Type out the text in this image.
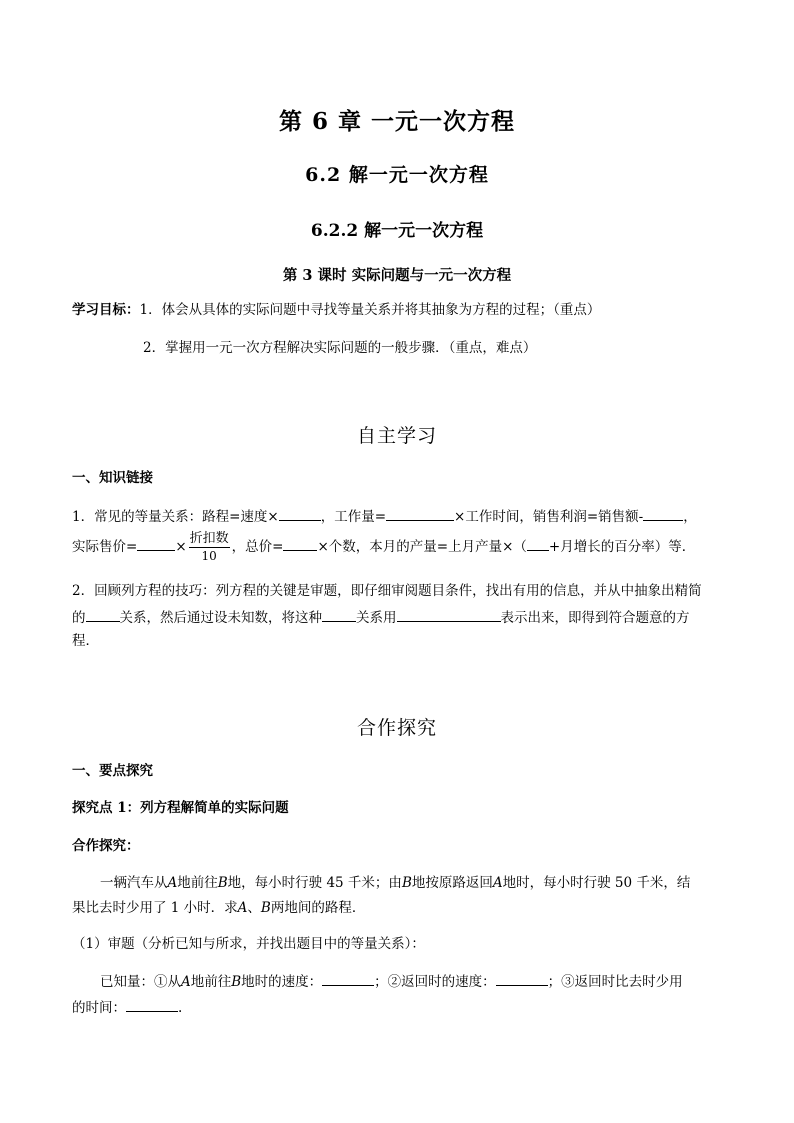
第 6 章 一元一次方程
6.2 解一元一次方程
6.2.2 解一元一次方程
第 3 课时 实际问题与一元一次方程
学习目标：1．体会从具体的实际问题中寻找等量关系并将其抽象为方程的过程；（重点）
2．掌握用一元一次方程解决实际问题的一般步骤．（重点，难点）
自主学习
一、知识链接
1．常见的等量关系：路程=速度×	，工作量=	×工作时间，销售利润=销售额-	，
实际售价=	× $\frac{\text{折扣数}}{10}$ ，总价=	×个数，本月的产量=上月产量×（ +月增长的百分率）等．
2．回顾列方程的技巧：列方程的关键是审题，即仔细审阅题目条件，找出有用的信息，并从中抽象出精简
的	关系，然后通过设未知数，将这种	关系用	表示出来，即得到符合题意的方
程．
合作探究
一、要点探究
探究点 1：列方程解简单的实际问题
合作探究：
一辆汽车从A地前往B地，每小时行驶 45 千米；由B地按原路返回A地时，每小时行驶 50 千米，结
果比去时少用了 1 小时．求A、B两地间的路程．
（1）审题（分析已知与所求，并找出题目中的等量关系）：
已知量：①从A地前往B地时的速度：	；②返回时的速度：	；③返回时比去时少用
的时间：	.
